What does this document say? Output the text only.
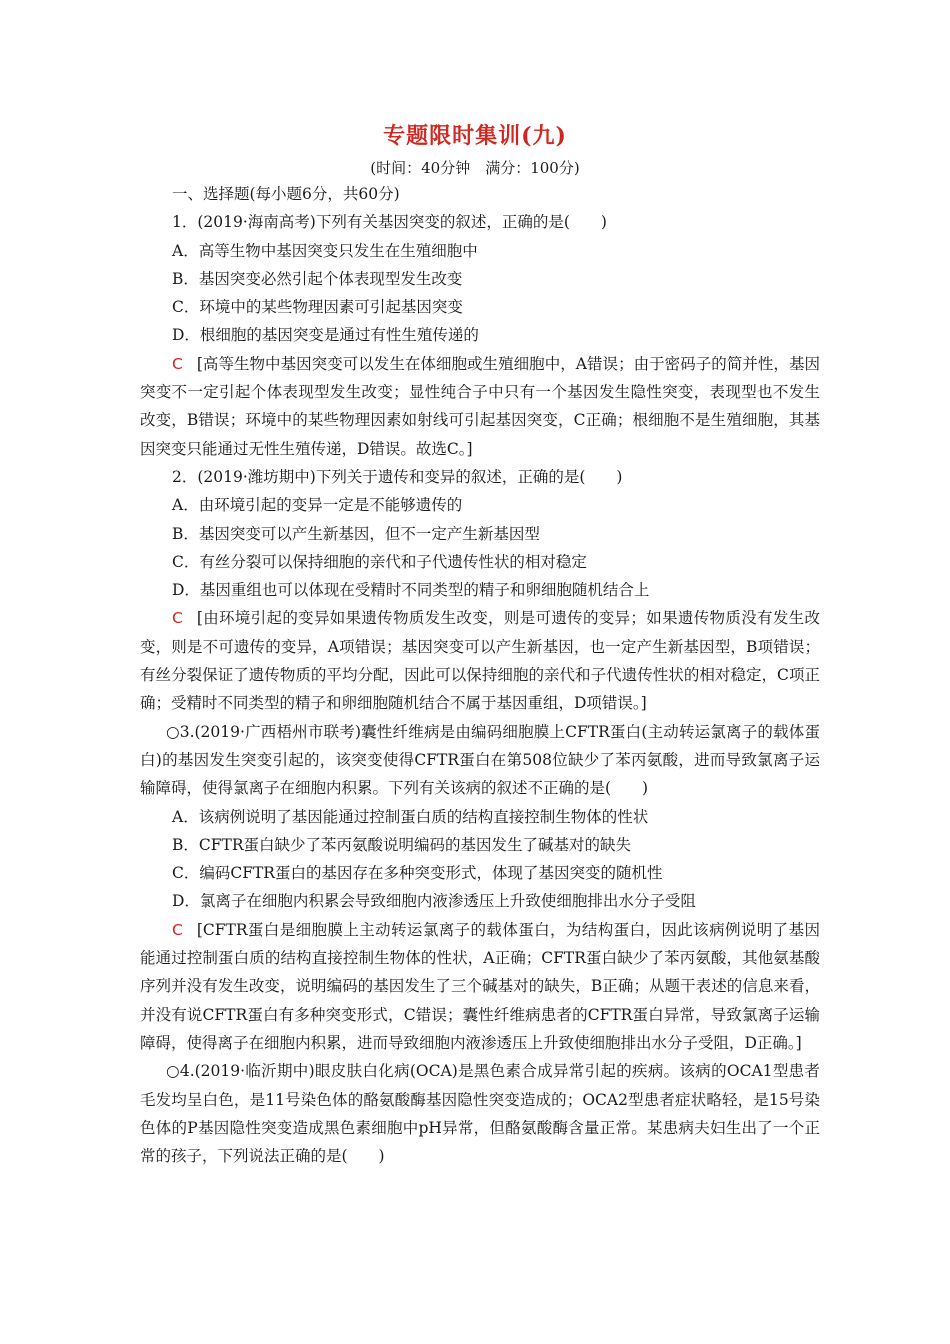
专题限时集训(九)
(时间：40分钟　满分：100分)

一、选择题(每小题6分，共60分)

1．(2019·海南高考)下列有关基因突变的叙述，正确的是(　　)

A．高等生物中基因突变只发生在生殖细胞中

B．基因突变必然引起个体表现型发生改变

C．环境中的某些物理因素可引起基因突变

D．根细胞的基因突变是通过有性生殖传递的

C [高等生物中基因突变可以发生在体细胞或生殖细胞中，A错误；由于密码子的简并性，基因突变不一定引起个体表现型发生改变；显性纯合子中只有一个基因发生隐性突变，表现型也不发生改变，B错误；环境中的某些物理因素如射线可引起基因突变，C正确；根细胞不是生殖细胞，其基因突变只能通过无性生殖传递，D错误。故选C。]

2．(2019·潍坊期中)下列关于遗传和变异的叙述，正确的是(　　)

A．由环境引起的变异一定是不能够遗传的

B．基因突变可以产生新基因，但不一定产生新基因型

C．有丝分裂可以保持细胞的亲代和子代遗传性状的相对稳定

D．基因重组也可以体现在受精时不同类型的精子和卵细胞随机结合上

C [由环境引起的变异如果遗传物质发生改变，则是可遗传的变异；如果遗传物质没有发生改变，则是不可遗传的变异，A项错误；基因突变可以产生新基因，也一定产生新基因型，B项错误；有丝分裂保证了遗传物质的平均分配，因此可以保持细胞的亲代和子代遗传性状的相对稳定，C项正确；受精时不同类型的精子和卵细胞随机结合不属于基因重组，D项错误。]

○3.(2019·广西梧州市联考)囊性纤维病是由编码细胞膜上CFTR蛋白(主动转运氯离子的载体蛋白)的基因发生突变引起的，该突变使得CFTR蛋白在第508位缺少了苯丙氨酸，进而导致氯离子运输障碍，使得氯离子在细胞内积累。下列有关该病的叙述不正确的是(　　)

A．该病例说明了基因能通过控制蛋白质的结构直接控制生物体的性状

B．CFTR蛋白缺少了苯丙氨酸说明编码的基因发生了碱基对的缺失

C．编码CFTR蛋白的基因存在多种突变形式，体现了基因突变的随机性

D．氯离子在细胞内积累会导致细胞内液渗透压上升致使细胞排出水分子受阻

C [CFTR蛋白是细胞膜上主动转运氯离子的载体蛋白，为结构蛋白，因此该病例说明了基因能通过控制蛋白质的结构直接控制生物体的性状，A正确；CFTR蛋白缺少了苯丙氨酸，其他氨基酸序列并没有发生改变，说明编码的基因发生了三个碱基对的缺失，B正确；从题干表述的信息来看，并没有说CFTR蛋白有多种突变形式，C错误；囊性纤维病患者的CFTR蛋白异常，导致氯离子运输障碍，使得离子在细胞内积累，进而导致细胞内液渗透压上升致使细胞排出水分子受阻，D正确。]

○4.(2019·临沂期中)眼皮肤白化病(OCA)是黑色素合成异常引起的疾病。该病的OCA1型患者毛发均呈白色，是11号染色体的酪氨酸酶基因隐性突变造成的；OCA2型患者症状略轻，是15号染色体的P基因隐性突变造成黑色素细胞中pH异常，但酪氨酸酶含量正常。某患病夫妇生出了一个正常的孩子，下列说法正确的是(　　)
